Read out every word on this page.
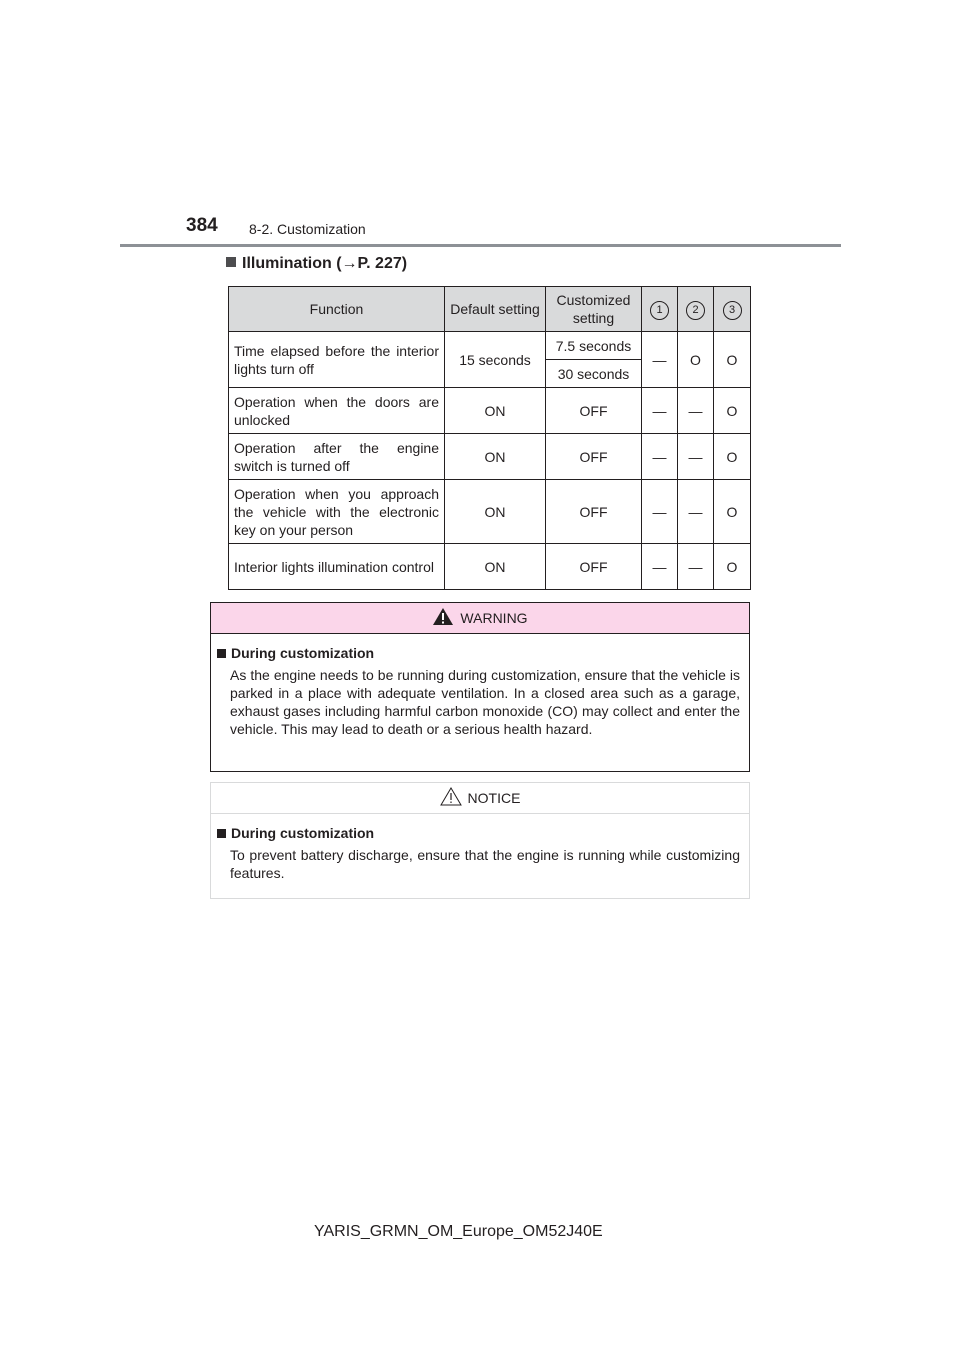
384 8-2. Customization
Illumination (→P. 227)
Function	Default setting	Customized setting	1	2	3
Time elapsed before the interior lights turn off	15 seconds	7.5 seconds	—	O	O
		30 seconds			
Operation when the doors are unlocked	ON	OFF	—	—	O
Operation after the engine switch is turned off	ON	OFF	—	—	O
Operation when you approach the vehicle with the electronic key on your person	ON	OFF	—	—	O
Interior lights illumination control	ON	OFF	—	—	O
WARNING
During customization
As the engine needs to be running during customization, ensure that the vehicle is parked in a place with adequate ventilation. In a closed area such as a garage, exhaust gases including harmful carbon monoxide (CO) may collect and enter the vehicle. This may lead to death or a serious health hazard.
NOTICE
During customization
To prevent battery discharge, ensure that the engine is running while customizing features.
YARIS_GRMN_OM_Europe_OM52J40E
